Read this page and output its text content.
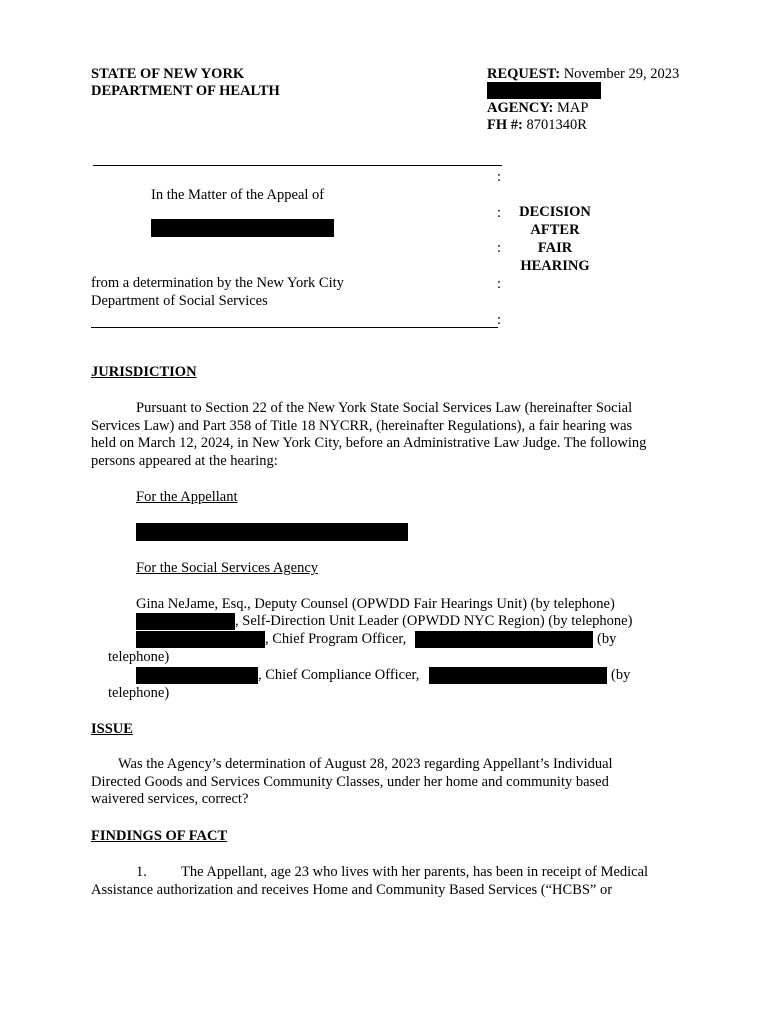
STATE OF NEW YORK
DEPARTMENT OF HEALTH
REQUEST: November 29, 2023
AGENCY: MAP
FH #: 8701340R
:
:
:
:
:
In the Matter of the Appeal of
from a determination by the New York City
Department of Social Services
DECISION
AFTER
FAIR
HEARING
JURISDICTION
Pursuant to Section 22 of the New York State Social Services Law (hereinafter Social
Services Law) and Part 358 of Title 18 NYCRR, (hereinafter Regulations), a fair hearing was
held on March 12, 2024, in New York City, before an Administrative Law Judge. The following
persons appeared at the hearing:
For the Appellant
For the Social Services Agency
Gina NeJame, Esq., Deputy Counsel (OPWDD Fair Hearings Unit) (by telephone)
, Self-Direction Unit Leader (OPWDD NYC Region) (by telephone)
, Chief Program Officer,	(by
telephone)
, Chief Compliance Officer,	(by
telephone)
ISSUE
Was the Agency’s determination of August 28, 2023 regarding Appellant’s Individual
Directed Goods and Services Community Classes, under her home and community based
waivered services, correct?
FINDINGS OF FACT
1. The Appellant, age 23 who lives with her parents, has been in receipt of Medical
Assistance authorization and receives Home and Community Based Services (“HCBS” or
